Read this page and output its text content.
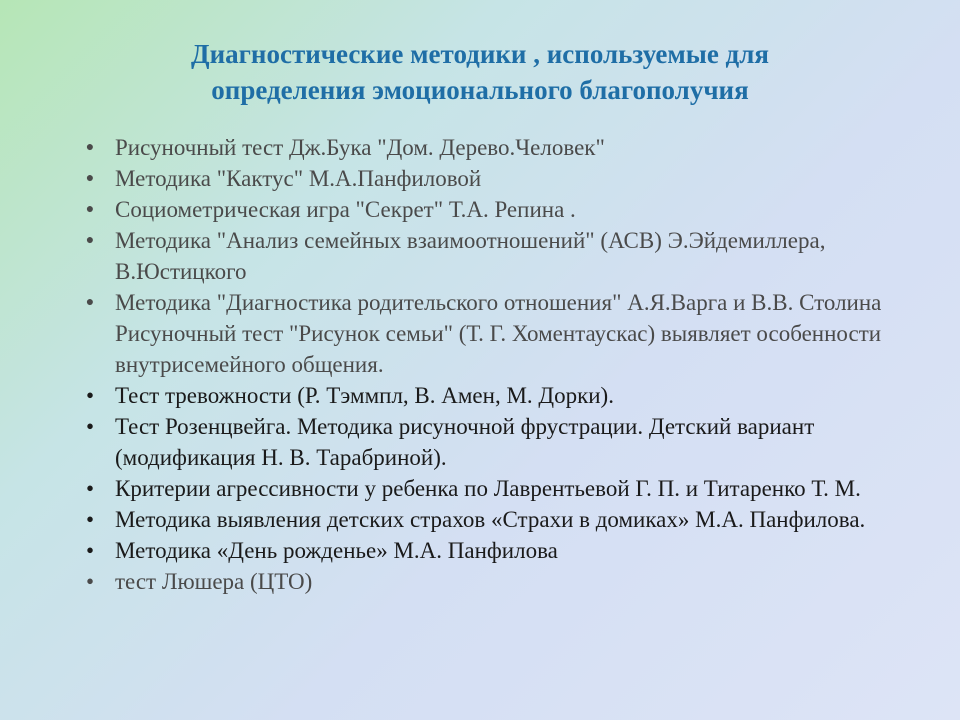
Диагностические методики , используемые для
определения эмоционального благополучия
● Рисуночный тест Дж.Бука "Дом. Дерево.Человек"
● Методика "Кактус" М.А.Панфиловой
● Социометрическая игра "Секрет" Т.А. Репина .
● Методика "Анализ семейных взаимоотношений" (АСВ) Э.Эйдемиллера, В.Юстицкого
● Методика "Диагностика родительского отношения" А.Я.Варга и В.В. Столина Рисуночный тест "Рисунок семьи" (Т. Г. Хоментаускас) выявляет особенности внутрисемейного общения.
• Тест тревожности (Р. Тэммпл, В. Амен, М. Дорки).
• Тест Розенцвейга. Методика рисуночной фрустрации. Детский вариант (модификация Н. В. Тарабриной).
• Критерии агрессивности у ребенка по Лаврентьевой Г. П. и Титаренко Т. М.
• Методика выявления детских страхов «Страхи в домиках» М.А. Панфилова.
• Методика «День рожденье» М.А. Панфилова
• тест Люшера (ЦТО)
